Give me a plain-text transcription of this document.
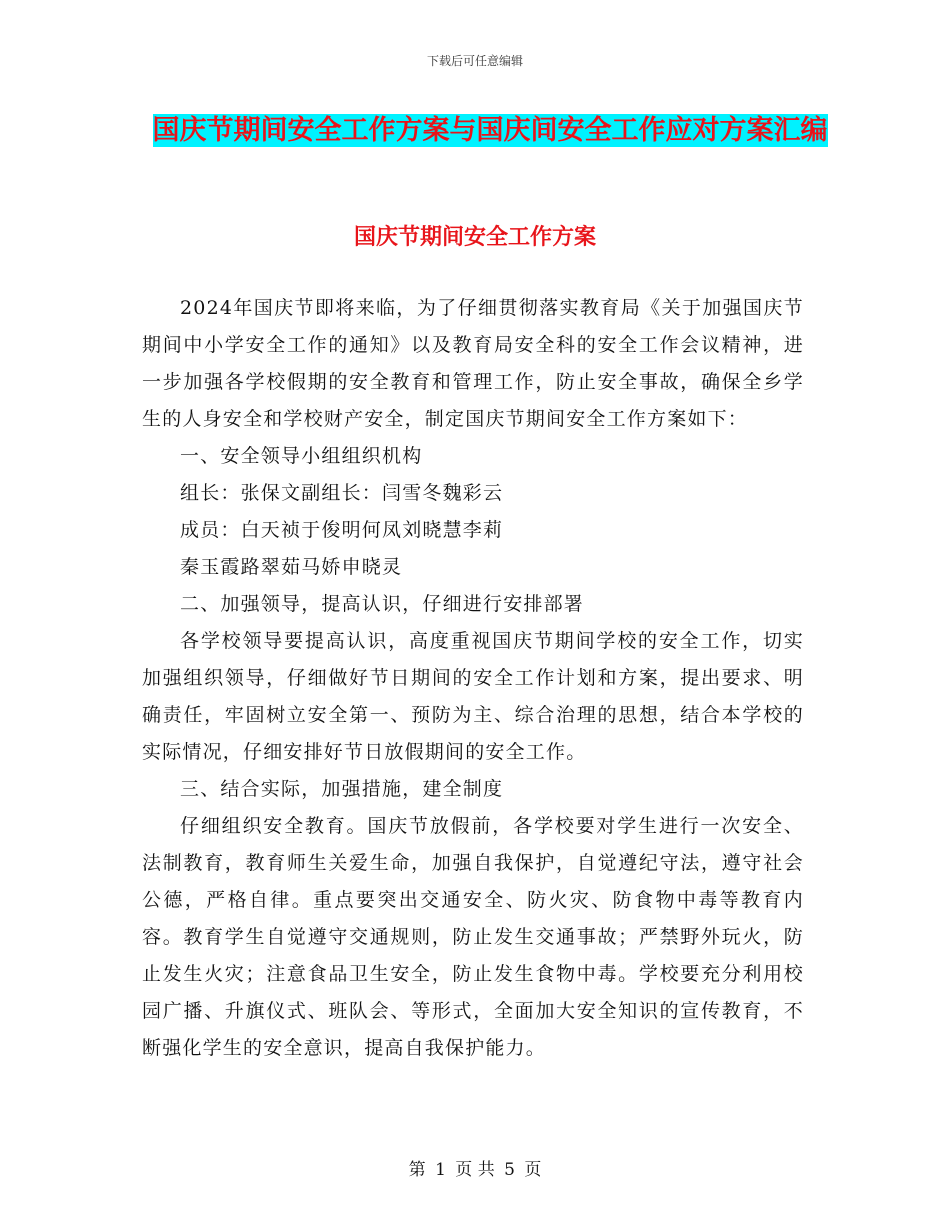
下载后可任意编辑
国庆节期间安全工作方案与国庆间安全工作应对方案汇编
国庆节期间安全工作方案

2024年国庆节即将来临，为了仔细贯彻落实教育局《关于加强国庆节期间中小学安全工作的通知》以及教育局安全科的安全工作会议精神，进一步加强各学校假期的安全教育和管理工作，防止安全事故，确保全乡学生的人身安全和学校财产安全，制定国庆节期间安全工作方案如下：

一、安全领导小组组织机构

组长：张保文副组长：闫雪冬魏彩云

成员：白天祯于俊明何凤刘晓慧李莉

秦玉霞路翠茹马娇申晓灵

二、加强领导，提高认识，仔细进行安排部署

各学校领导要提高认识，高度重视国庆节期间学校的安全工作，切实加强组织领导，仔细做好节日期间的安全工作计划和方案，提出要求、明确责任，牢固树立安全第一、预防为主、综合治理的思想，结合本学校的实际情况，仔细安排好节日放假期间的安全工作。

三、结合实际，加强措施，建全制度

仔细组织安全教育。国庆节放假前，各学校要对学生进行一次安全、法制教育，教育师生关爱生命，加强自我保护，自觉遵纪守法，遵守社会公德，严格自律。重点要突出交通安全、防火灾、防食物中毒等教育内容。教育学生自觉遵守交通规则，防止发生交通事故；严禁野外玩火，防止发生火灾；注意食品卫生安全，防止发生食物中毒。学校要充分利用校园广播、升旗仪式、班队会、等形式，全面加大安全知识的宣传教育，不断强化学生的安全意识，提高自我保护能力。

第 1 页 共 5 页
